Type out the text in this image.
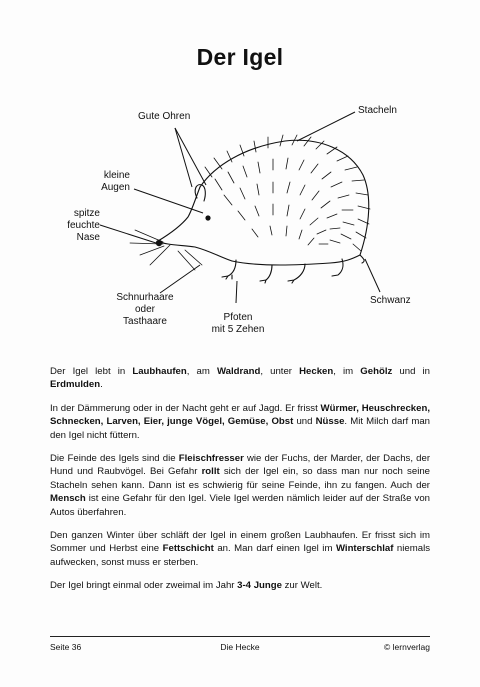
Der Igel
Gute Ohren
Stacheln
kleine
Augen
spitze
feuchte
Nase
Schnurhaare
oder
Tasthaare	Pfoten
mit 5 Zehen
Schwanz

Der Igel lebt in Laubhaufen, am Waldrand, unter Hecken, im Gehölz und in Erdmulden.

In der Dämmerung oder in der Nacht geht er auf Jagd. Er frisst Würmer, Heuschrecken, Schnecken, Larven, Eier, junge Vögel, Gemüse, Obst und Nüsse. Mit Milch darf man den Igel nicht füttern.

Die Feinde des Igels sind die Fleischfresser wie der Fuchs, der Marder, der Dachs, der Hund und Raubvögel. Bei Gefahr rollt sich der Igel ein, so dass man nur noch seine Stacheln sehen kann. Dann ist es schwierig für seine Feinde, ihn zu fangen. Auch der Mensch ist eine Gefahr für den Igel. Viele Igel werden nämlich leider auf der Straße von Autos überfahren.

Den ganzen Winter über schläft der Igel in einem großen Laubhaufen. Er frisst sich im Sommer und Herbst eine Fettschicht an. Man darf einen Igel im Winterschlaf niemals aufwecken, sonst muss er sterben.

Der Igel bringt einmal oder zweimal im Jahr 3-4 Junge zur Welt.

Seite 36	Die Hecke	© lernverlag
